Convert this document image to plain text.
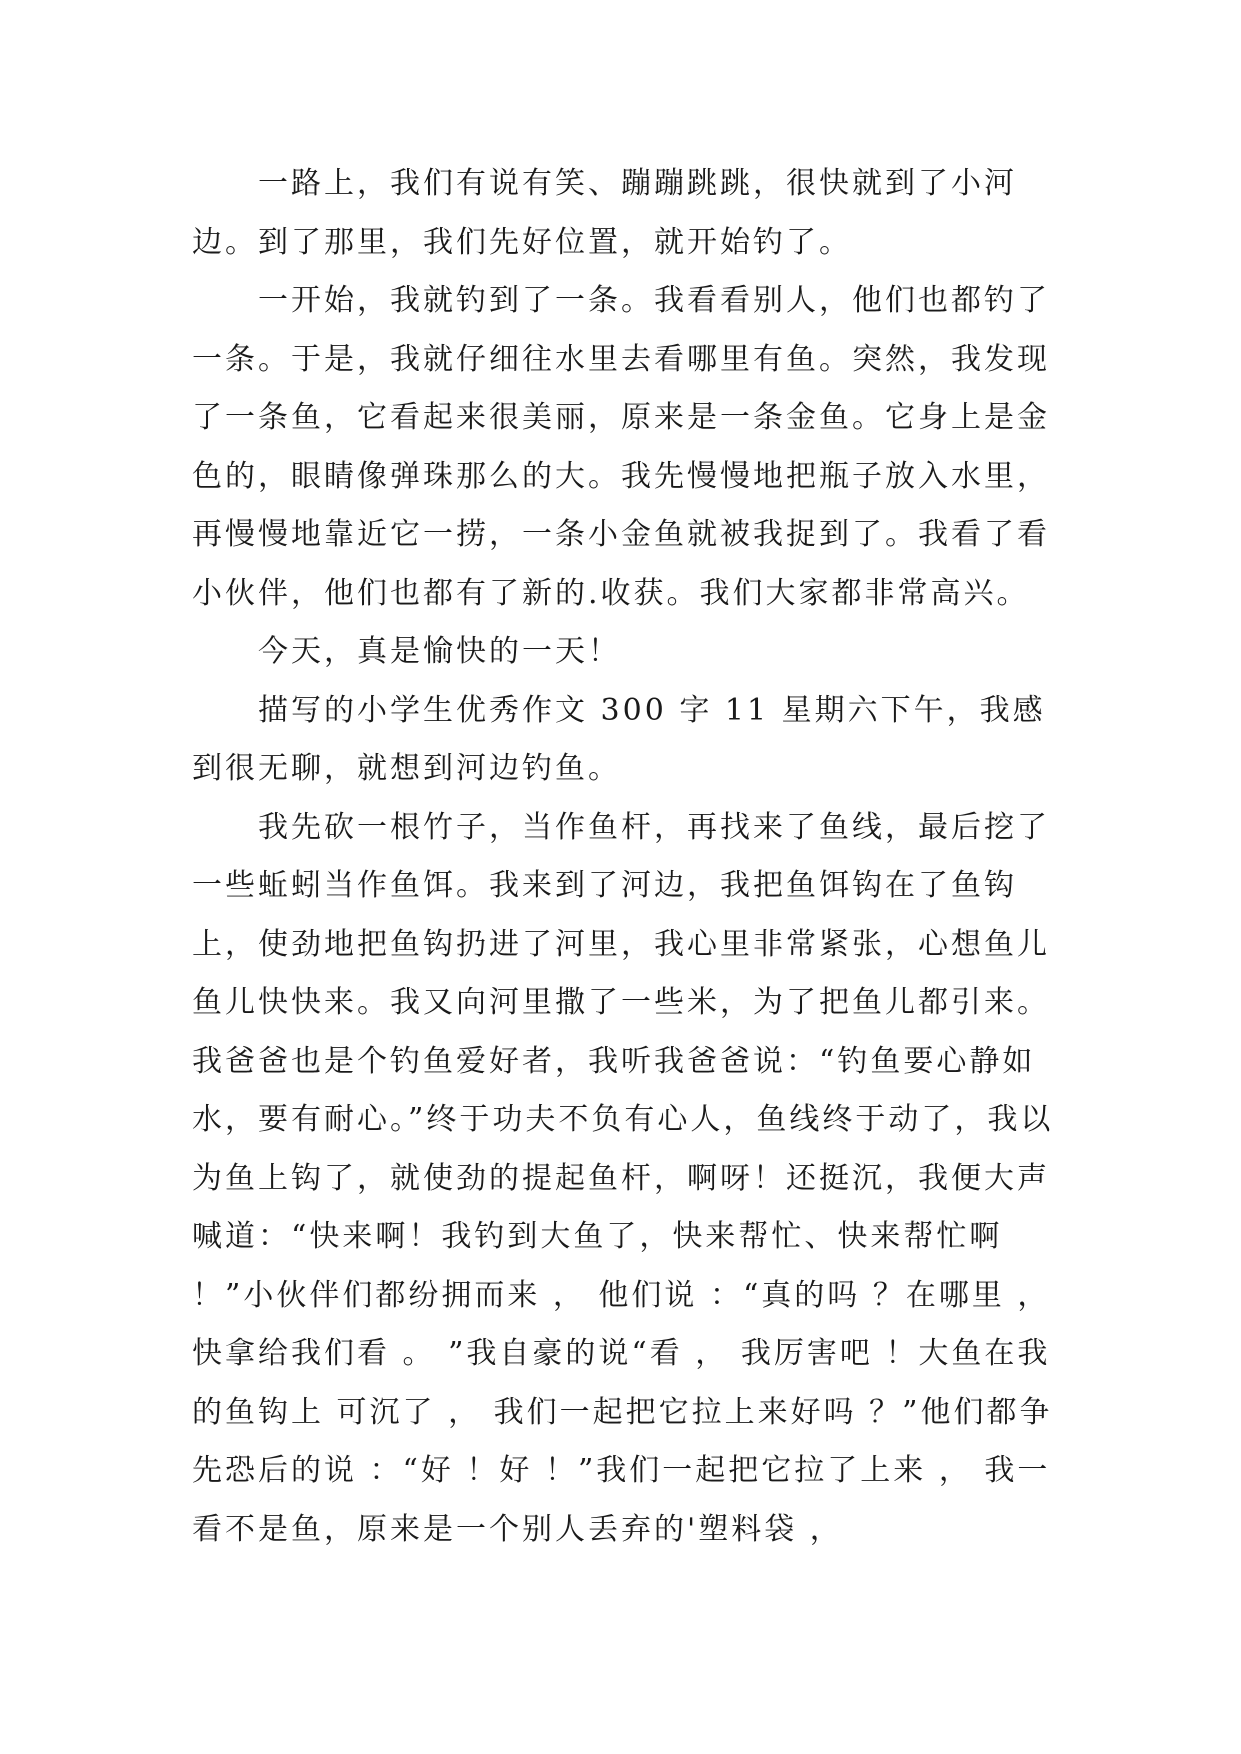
一路上，我们有说有笑、蹦蹦跳跳，很快就到了小河边。到了那里，我们先好位置，就开始钓了。

一开始，我就钓到了一条。我看看别人，他们也都钓了一条。于是，我就仔细往水里去看哪里有鱼。突然，我发现了一条鱼，它看起来很美丽，原来是一条金鱼。它身上是金色的，眼睛像弹珠那么的大。我先慢慢地把瓶子放入水里，再慢慢地靠近它一捞，一条小金鱼就被我捉到了。我看了看小伙伴，他们也都有了新的.收获。我们大家都非常高兴。

今天，真是愉快的一天！

描写的小学生优秀作文 300 字 11 星期六下午，我感到很无聊，就想到河边钓鱼。

我先砍一根竹子，当作鱼杆，再找来了鱼线，最后挖了一些蚯蚓当作鱼饵。我来到了河边，我把鱼饵钩在了鱼钩上，使劲地把鱼钩扔进了河里，我心里非常紧张，心想鱼儿鱼儿快快来。我又向河里撒了一些米，为了把鱼儿都引来。我爸爸也是个钓鱼爱好者，我听我爸爸说：“钓鱼要心静如水，要有耐心。”终于功夫不负有心人，鱼线终于动了，我以为鱼上钩了，就使劲的提起鱼杆，啊呀！还挺沉，我便大声喊道：“快来啊！我钓到大鱼了，快来帮忙、快来帮忙啊 ！”小伙伴们都纷拥而来 ， 他们说 ：“真的吗 ？在哪里 ，快拿给我们看 。 ”我自豪的说“看 ， 我厉害吧 ！大鱼在我的鱼钩上 可沉了 ， 我们一起把它拉上来好吗 ？”他们都争先恐后的说 ：“好 ！好 ！”我们一起把它拉了上来 ， 我一看不是鱼，原来是一个别人丢弃的'塑料袋 ，
